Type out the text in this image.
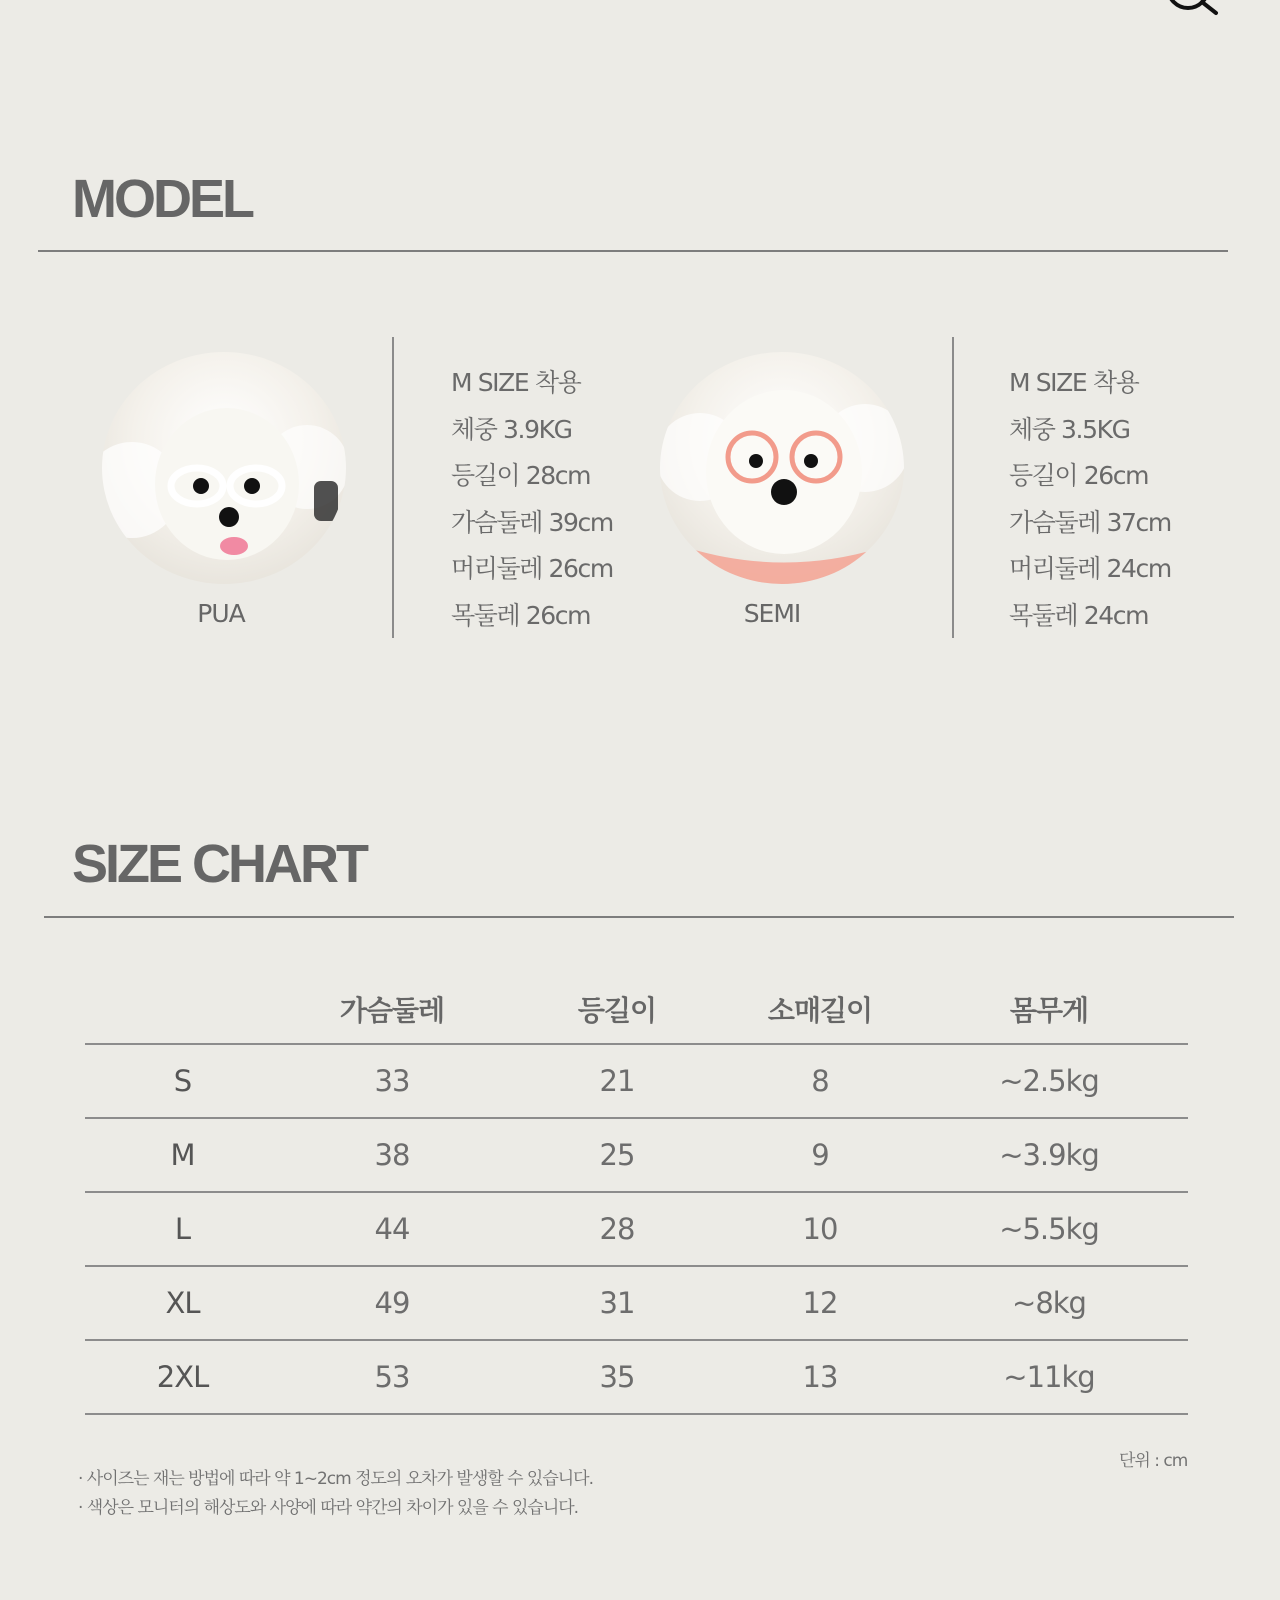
MODEL
PUA
M SIZE 착용
체중 3.9KG
등길이 28cm
가슴둘레 39cm
머리둘레 26cm
목둘레 26cm	SEMI
M SIZE 착용
체중 3.5KG
등길이 26cm
가슴둘레 37cm
머리둘레 24cm
목둘레 24cm
SIZE CHART
	가슴둘레	등길이	소매길이	몸무게
S	33	21	8	~2.5kg
M	38	25	9	~3.9kg
L	44	28	10	~5.5kg
XL	49	31	12	~8kg
2XL	53	35	13	~11kg
단위 : cm
· 사이즈는 재는 방법에 따라 약 1~2cm 정도의 오차가 발생할 수 있습니다.
· 색상은 모니터의 해상도와 사양에 따라 약간의 차이가 있을 수 있습니다.
